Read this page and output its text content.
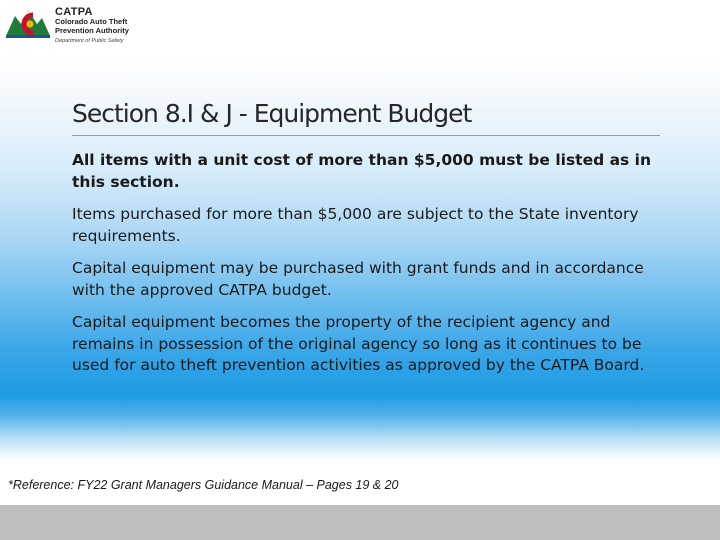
CATPA
Colorado Auto Theft Prevention Authority
Department of Public Safety
Section 8.I & J - Equipment Budget

All items with a unit cost of more than $5,000 must be listed as in this section.

Items purchased for more than $5,000 are subject to the State inventory requirements.

Capital equipment may be purchased with grant funds and in accordance with the approved CATPA budget.

Capital equipment becomes the property of the recipient agency and remains in possession of the original agency so long as it continues to be used for auto theft prevention activities as approved by the CATPA Board.

*Reference: FY22 Grant Managers Guidance Manual – Pages 19 & 20
